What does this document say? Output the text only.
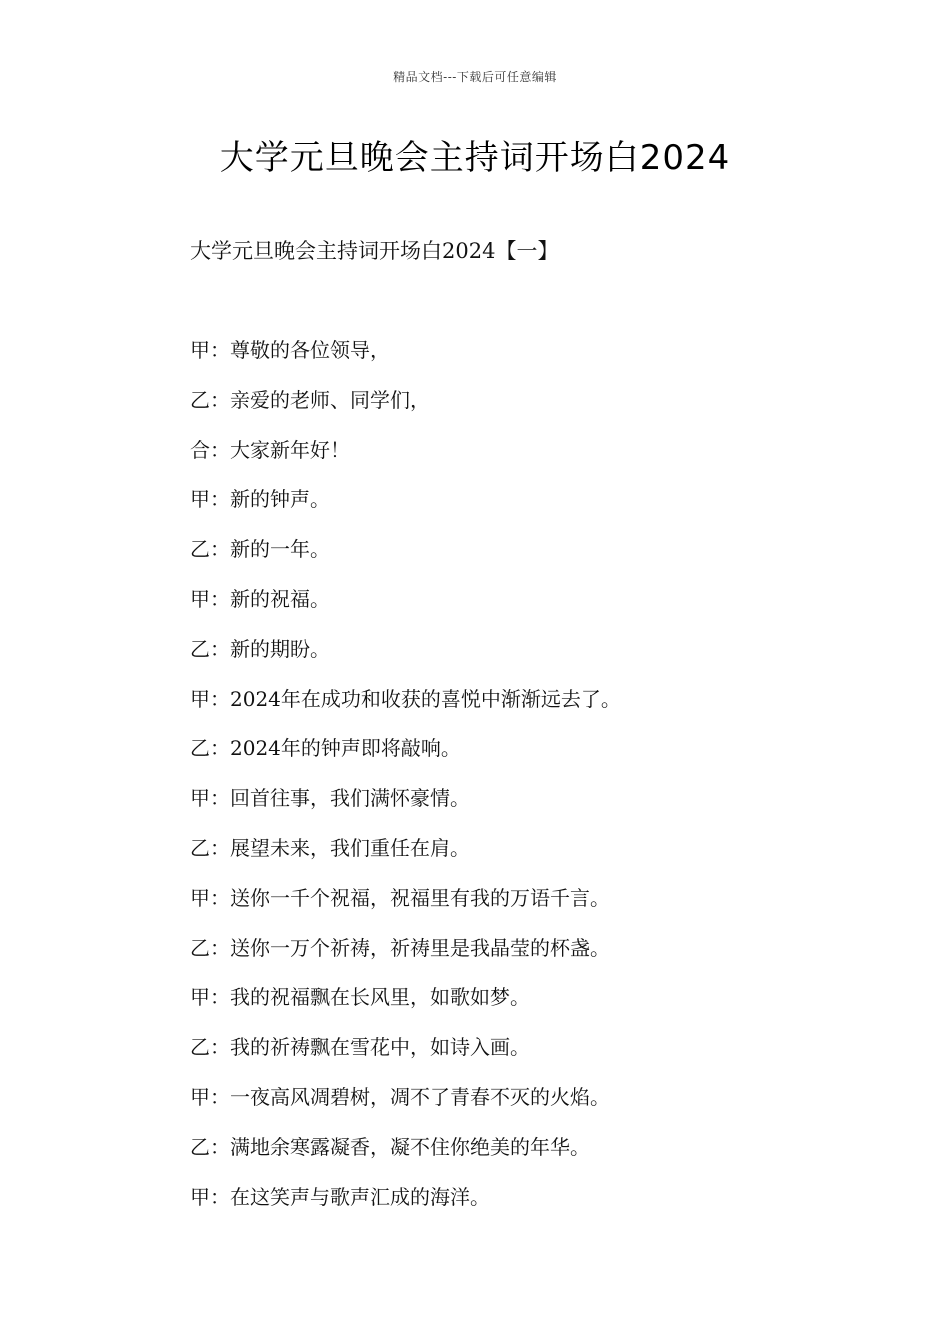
精品文档---下载后可任意编辑
大学元旦晚会主持词开场白2024
大学元旦晚会主持词开场白2024【一】
甲：尊敬的各位领导，
乙：亲爱的老师、同学们，
合：大家新年好！
甲：新的钟声。
乙：新的一年。
甲：新的祝福。
乙：新的期盼。
甲：2024年在成功和收获的喜悦中渐渐远去了。
乙：2024年的钟声即将敲响。
甲：回首往事，我们满怀豪情。
乙：展望未来，我们重任在肩。
甲：送你一千个祝福，祝福里有我的万语千言。
乙：送你一万个祈祷，祈祷里是我晶莹的杯盏。
甲：我的祝福飘在长风里，如歌如梦。
乙：我的祈祷飘在雪花中，如诗入画。
甲：一夜高风凋碧树，凋不了青春不灭的火焰。
乙：满地余寒露凝香，凝不住你绝美的年华。
甲：在这笑声与歌声汇成的海洋。
